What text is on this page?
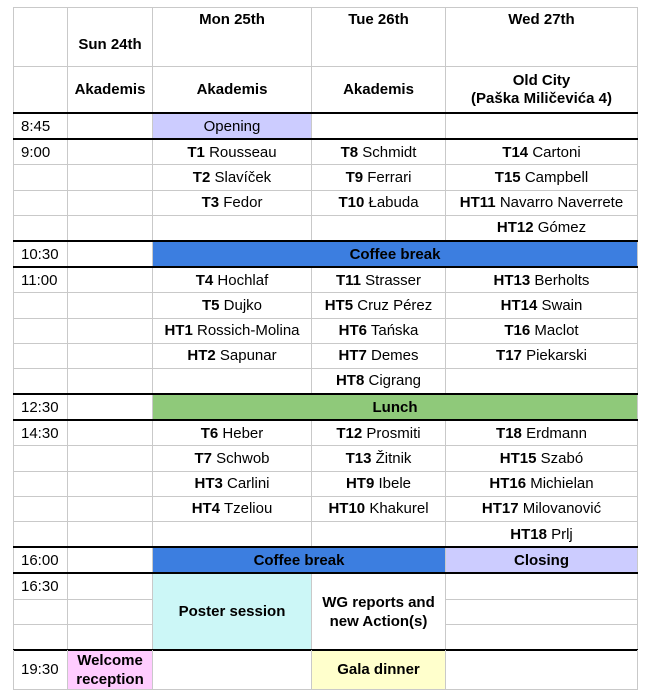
	Sun 24th	Mon 25th	Tue 26th	Wed 27th
	Akademis	Akademis	Akademis	Old City
(Paška Miličevića 4)
8:45		Opening		
9:00		T1 Rousseau	T8 Schmidt	T14 Cartoni
		T2 Slavíček	T9 Ferrari	T15 Campbell
		T3 Fedor	T10 Łabuda	HT11 Navarro Naverrete
				HT12 Gómez
10:30		Coffee break		
11:00		T4 Hochlaf	T11 Strasser	HT13 Berholts
		T5 Dujko	HT5 Cruz Pérez	HT14 Swain
		HT1 Rossich-Molina	HT6 Tańska	T16 Maclot
		HT2 Sapunar	HT7 Demes	T17 Piekarski
			HT8 Cigrang	
12:30		Lunch		
14:30		T6 Heber	T12 Prosmiti	T18 Erdmann
		T7 Schwob	T13 Žitnik	HT15 Szabó
		HT3 Carlini	HT9 Ibele	HT16 Michielan
		HT4 Tzeliou	HT10 Khakurel	HT17 Milovanović
				HT18 Prlj
16:00		Coffee break		Closing
16:30		Poster session	WG reports and
new Action(s)	

19:30	Welcome
reception		Gala dinner	
